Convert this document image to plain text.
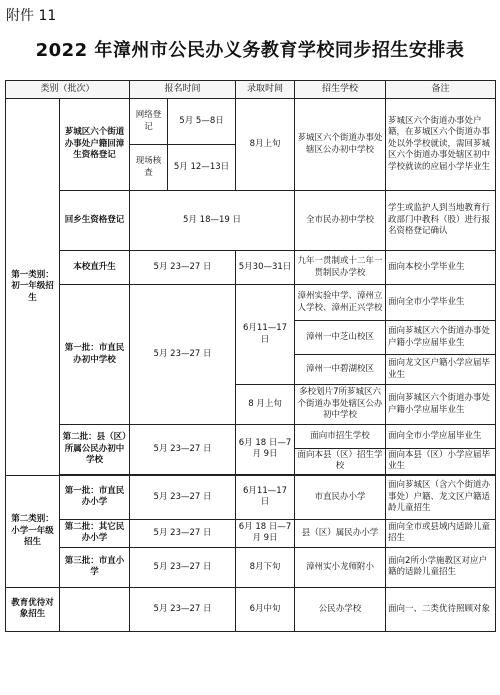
附件 11
2022 年漳州市公民办义务教育学校同步招生安排表
类别（批次）		报名时间		录取时间	招生学校	备注
第一类别：初一年级招生	芗城区六个街道办事处户籍回漳生资格登记	网络登记	5月 5—8日	8月上旬	芗城区六个街道办事处辖区公办初中学校	芗城区六个街道办事处户籍，在芗城区六个街道办事处以外学校就读，需回芗城区六个街道办事处辖区初中学校就读的应届小学毕业生
		现场核查	5月 12—13日			
	回乡生资格登记	5月 18—19 日			全市民办初中学校	学生或监护人到当地教育行政部门中教科（股）进行报名资格登记确认
	本校直升生	5月 23—27 日		5月30—31日	九年一贯制或十二年一贯制民办学校	面向本校小学毕业生
	第一批：市直民办初中学校	5月 23—27 日		6月11—17 日	漳州实验中学、漳州立人学校、漳州正兴学校	面向全市小学毕业生
					漳州一中芝山校区	面向芗城区六个街道办事处户籍小学应届毕业生
					漳州一中碧湖校区	面向龙文区户籍小学应届毕业生
				8 月上旬	多校划片7所芗城区六个街道办事处辖区公办初中学校	面向芗城区六个街道办事处户籍小学应届毕业生
	第二批：县（区）所属公民办初中学校	5月 23—27 日		6月 18 日—7月 9日	面向市招生学校	面向全市小学应届毕业生
					面向本县（区）招生学校	面向本县（区）小学应届毕业生

第二类别：小学一年级招生	第一批：市直民办小学	5月 23—27 日		6月11—17 日	市直民办小学	面向芗城区（含六个街道办事处）户籍、龙文区户籍适龄儿童招生
	第二批：其它民办小学	5月 23—27 日		6月 18 日—7月 9日	县（区）属民办小学	面向全市或县域内适龄儿童招生
	第三批：市直小学	5月 23—27 日		8月下旬	漳州实小龙师附小	面向2所小学施教区对应户籍的适龄儿童招生
教育优待对象招生		5月 23—27 日		6月中旬	公民办学校	面向一、二类优待照顾对象
